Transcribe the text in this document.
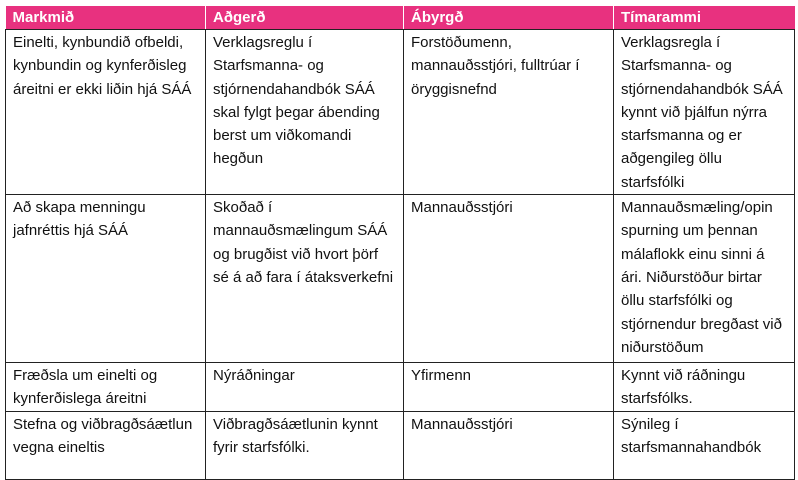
Markmið	Aðgerð	Ábyrgð	Tímarammi
Einelti, kynbundið ofbeldi, kynbundin og kynferðisleg áreitni er ekki liðin hjá SÁÁ	Verklagsreglu í Starfsmanna- og stjórnendahandbók SÁÁ skal fylgt þegar ábending berst um viðkomandi hegðun	Forstöðumenn, mannauðsstjóri, fulltrúar í öryggisnefnd	Verklagsregla í Starfsmanna- og stjórnendahandbók SÁÁ kynnt við þjálfun nýrra starfsmanna og er aðgengileg öllu starfsfólki
Að skapa menningu jafnréttis hjá SÁÁ	Skoðað í mannauðsmælingum SÁÁ og brugðist við hvort þörf sé á að fara í átaksverkefni	Mannauðsstjóri	Mannauðsmæling/opin spurning um þennan málaflokk einu sinni á ári. Niðurstöður birtar öllu starfsfólki og stjórnendur bregðast við niðurstöðum
Fræðsla um einelti og kynferðislega áreitni	Nýráðningar	Yfirmenn	Kynnt við ráðningu starfsfólks.
Stefna og viðbragðsáætlun vegna eineltis	Viðbragðsáætlunin kynnt fyrir starfsfólki.	Mannauðsstjóri	Sýnileg í starfsmannahandbók
